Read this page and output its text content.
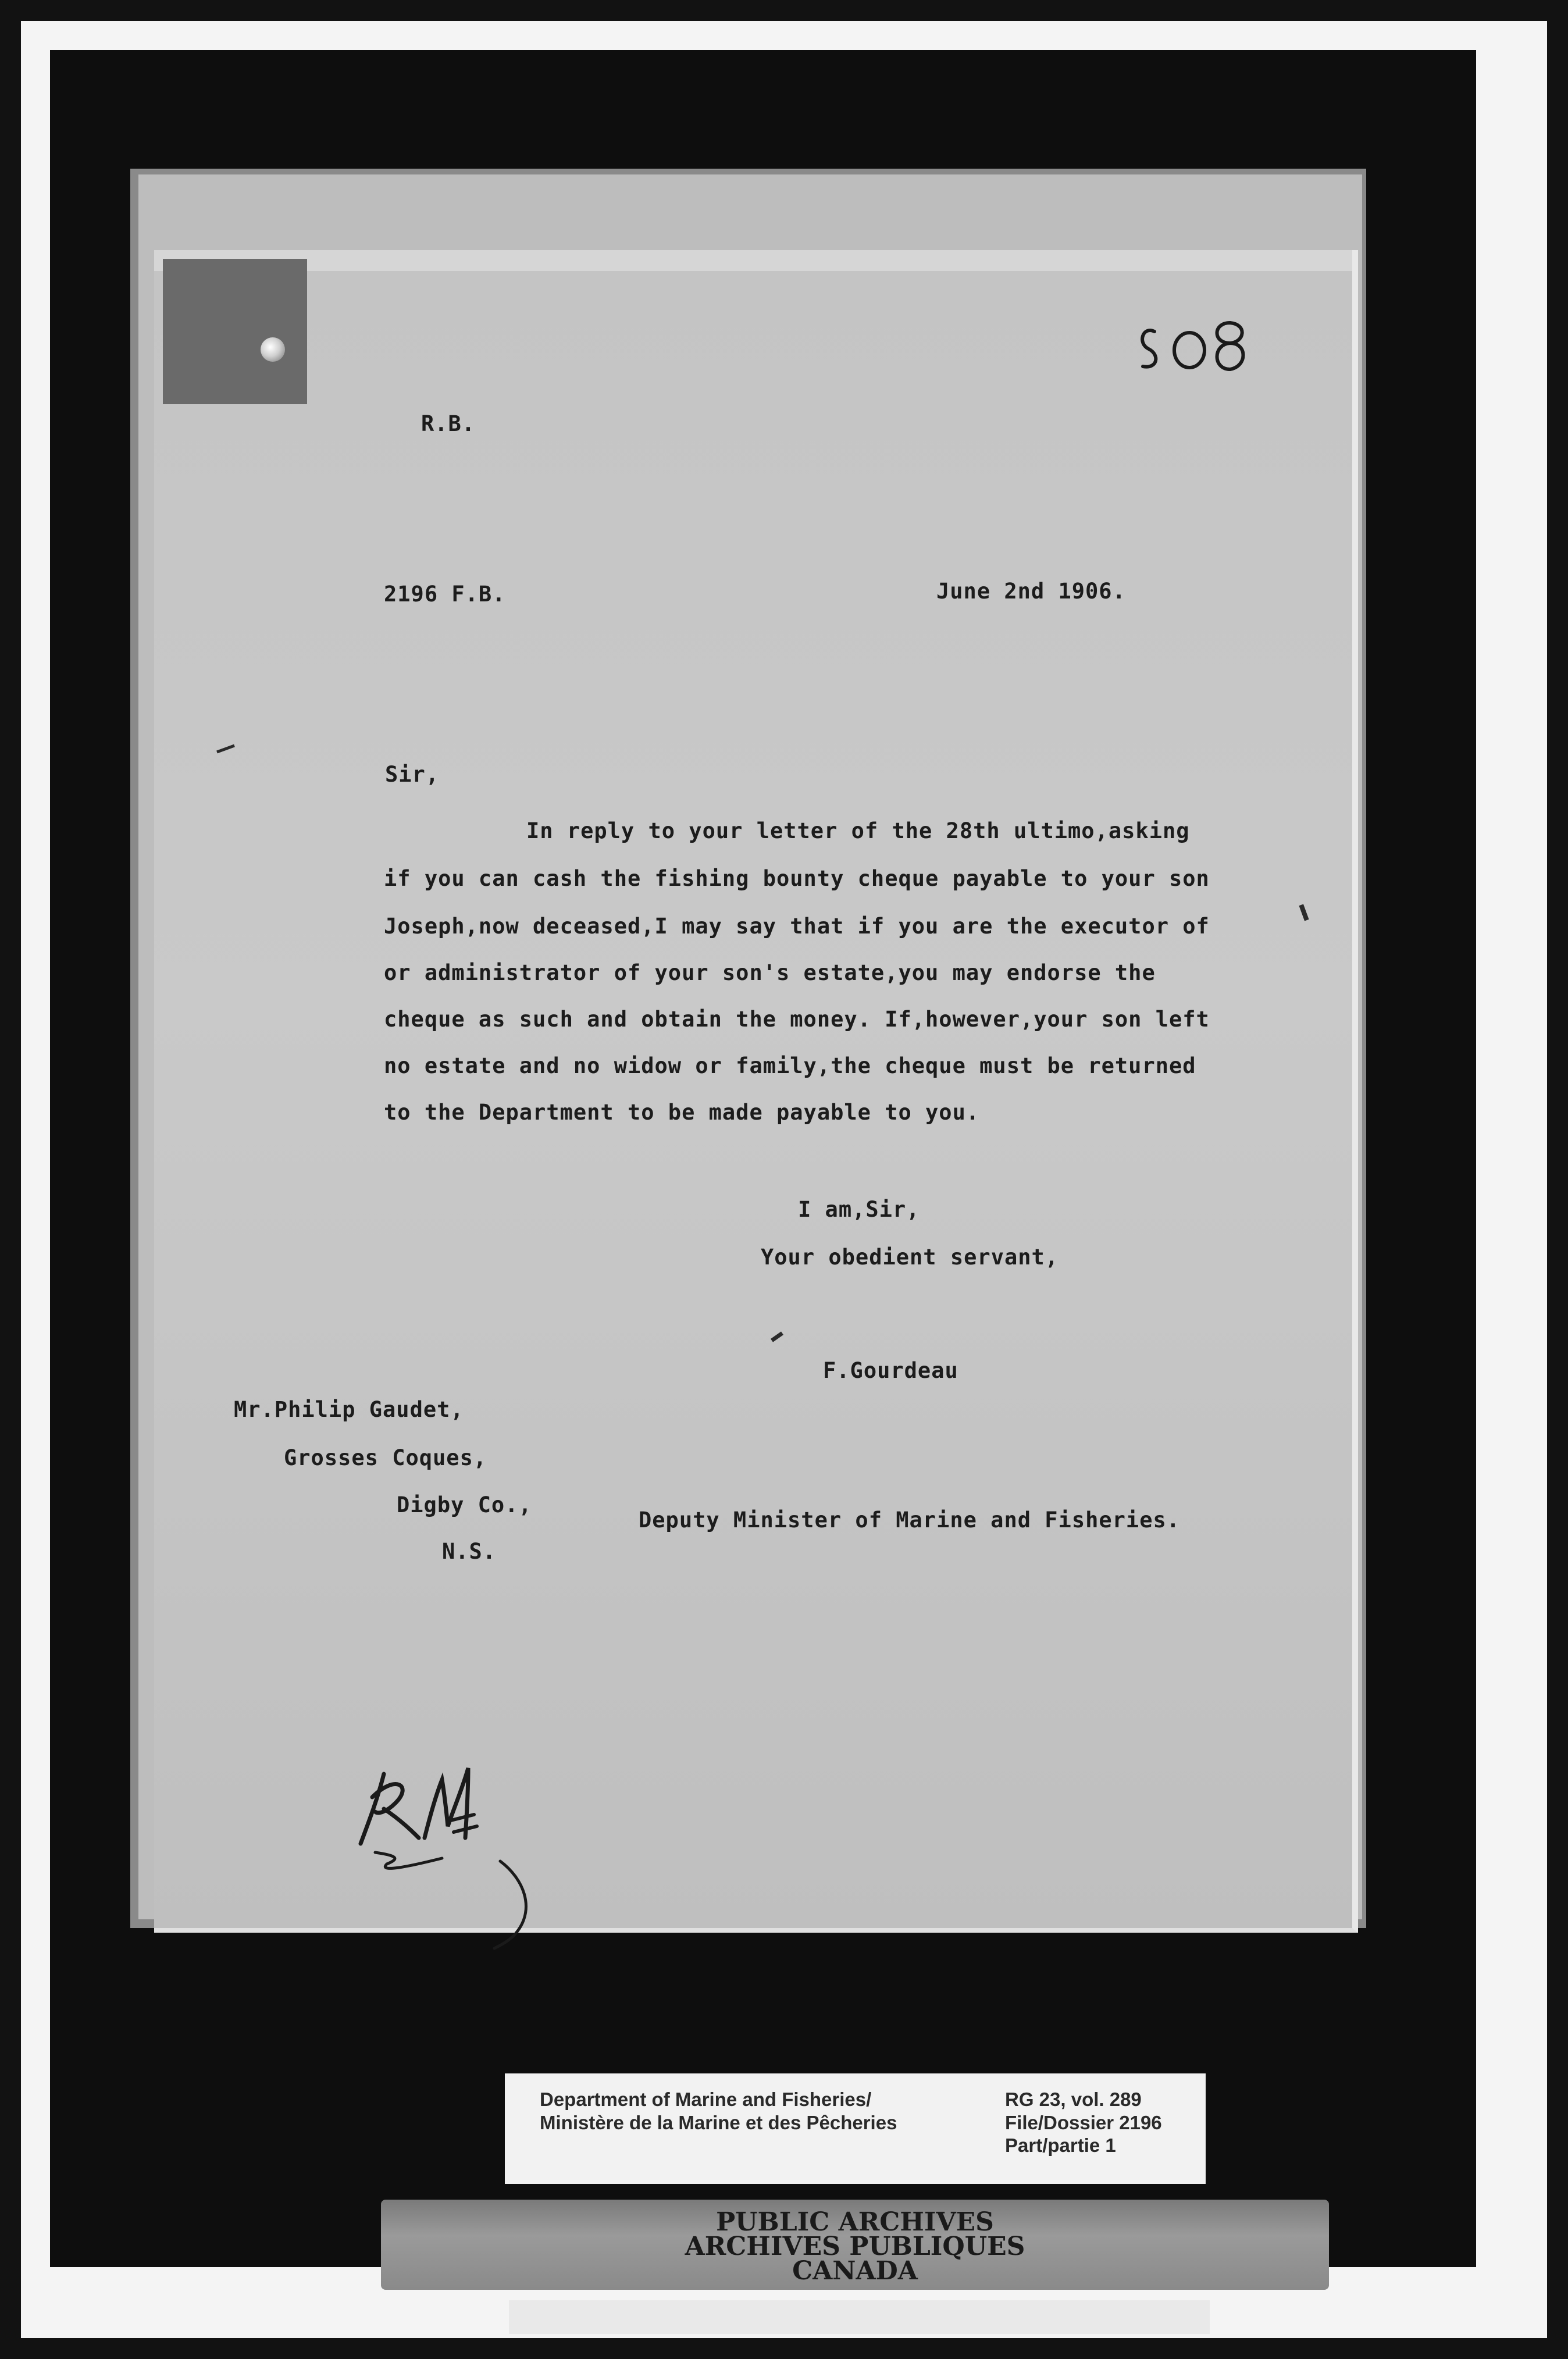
R.B.
2196 F.B.	June 2nd 1906.
Sir,
In reply to your letter of the 28th ultimo,asking
if you can cash the fishing bounty cheque payable to your son
Joseph,now deceased,I may say that if you are the executor of
or administrator of your son's estate,you may endorse the
cheque as such and obtain the money. If,however,your son left
no estate and no widow or family,the cheque must be returned
to the Department to be made payable to you.
I am,Sir,
Your obedient servant,
F.Gourdeau
Mr.Philip Gaudet,
Grosses Coques,
Digby Co.,
N.S.
Deputy Minister of Marine and Fisheries.
Department of Marine and Fisheries/
Ministère de la Marine et des Pêcheries
RG 23, vol. 289
File/Dossier 2196
Part/partie 1
PUBLIC ARCHIVES
ARCHIVES PUBLIQUES
CANADA
